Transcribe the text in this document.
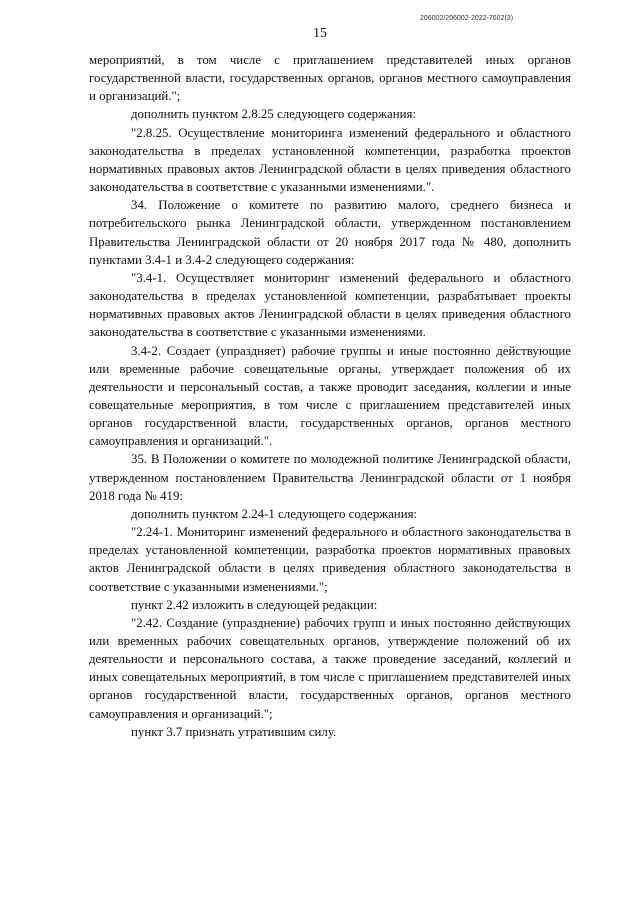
15
206002/206002-2022-7602(3)

мероприятий, в том числе с приглашением представителей иных органов государственной власти, государственных органов, органов местного самоуправления и организаций.";

дополнить пунктом 2.8.25 следующего содержания:

"2.8.25. Осуществление мониторинга изменений федерального и областного законодательства в пределах установленной компетенции, разработка проектов нормативных правовых актов Ленинградской области в целях приведения областного законодательства в соответствие с указанными изменениями.".

34. Положение о комитете по развитию малого, среднего бизнеса и потребительского рынка Ленинградской области, утвержденном постановлением Правительства Ленинградской области от 20 ноября 2017 года № 480, дополнить пунктами 3.4-1 и 3.4-2 следующего содержания:

"3.4-1. Осуществляет мониторинг изменений федерального и областного законодательства в пределах установленной компетенции, разрабатывает проекты нормативных правовых актов Ленинградской области в целях приведения областного законодательства в соответствие с указанными изменениями.

3.4-2. Создает (упраздняет) рабочие группы и иные постоянно действующие или временные рабочие совещательные органы, утверждает положения об их деятельности и персональный состав, а также проводит заседания, коллегии и иные совещательные мероприятия, в том числе с приглашением представителей иных органов государственной власти, государственных органов, органов местного самоуправления и организаций.".

35. В Положении о комитете по молодежной политике Ленинградской области, утвержденном постановлением Правительства Ленинградской области от 1 ноября 2018 года № 419:

дополнить пунктом 2.24-1 следующего содержания:

"2.24-1. Мониторинг изменений федерального и областного законодательства в пределах установленной компетенции, разработка проектов нормативных правовых актов Ленинградской области в целях приведения областного законодательства в соответствие с указанными изменениями.";

пункт 2.42 изложить в следующей редакции:

"2.42. Создание (упразднение) рабочих групп и иных постоянно действующих или временных рабочих совещательных органов, утверждение положений об их деятельности и персонального состава, а также проведение заседаний, коллегий и иных совещательных мероприятий, в том числе с приглашением представителей иных органов государственной власти, государственных органов, органов местного самоуправления и организаций.";

пункт 3.7 признать утратившим силу.
